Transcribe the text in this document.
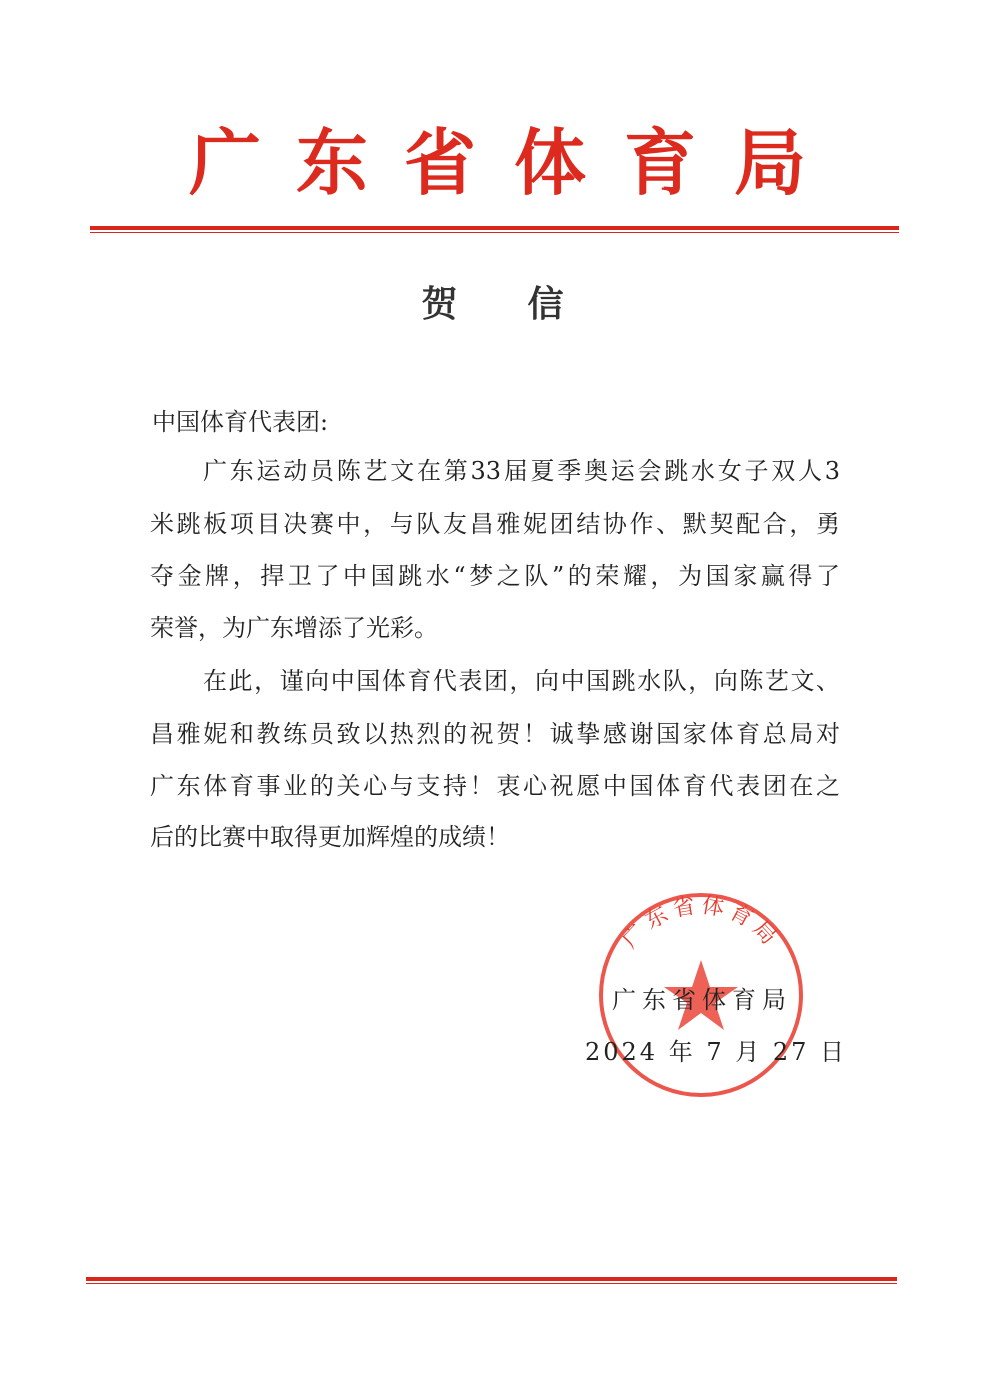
广 东 省 体 育 局
贺信
中国体育代表团:
广东运动员陈艺文在第33届夏季奥运会跳水女子双人3
米跳板项目决赛中，与队友昌雅妮团结协作、默契配合，勇
夺金牌，捍卫了中国跳水“梦之队”的荣耀，为国家赢得了
荣誉，为广东增添了光彩。
在此，谨向中国体育代表团，向中国跳水队，向陈艺文、
昌雅妮和教练员致以热烈的祝贺！诚挚感谢国家体育总局对
广东体育事业的关心与支持！衷心祝愿中国体育代表团在之
后的比赛中取得更加辉煌的成绩！
广东省体育局
广东省体育局
2024 年 7 月 27 日
